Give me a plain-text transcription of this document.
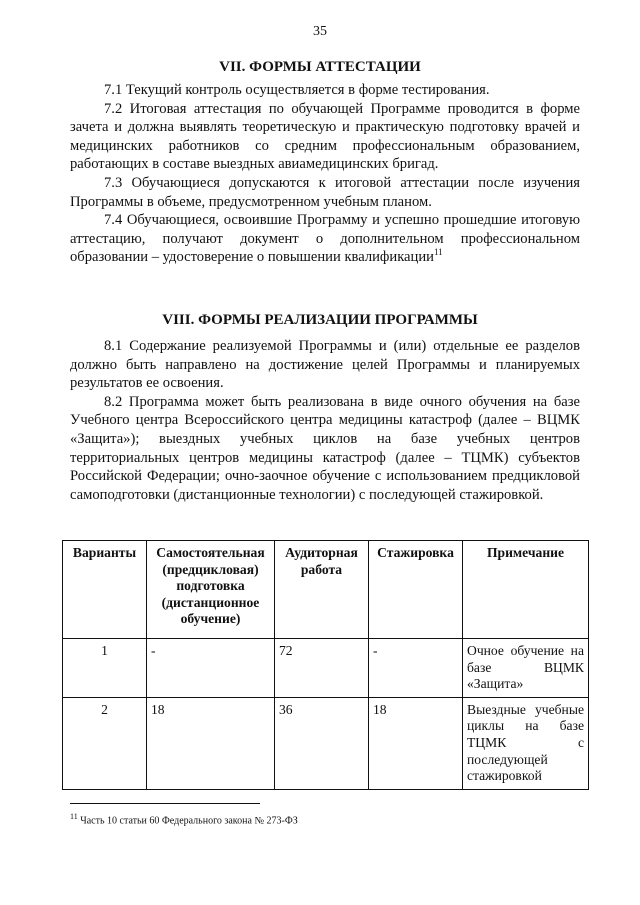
35
VII. ФОРМЫ АТТЕСТАЦИИ

7.1 Текущий контроль осуществляется в форме тестирования.

7.2 Итоговая аттестация по обучающей Программе проводится в форме зачета и должна выявлять теоретическую и практическую подготовку врачей и медицинских работников со средним профессиональным образованием, работающих в составе выездных авиамедицинских бригад.

7.3 Обучающиеся допускаются к итоговой аттестации после изучения Программы в объеме, предусмотренном учебным планом.

7.4 Обучающиеся, освоившие Программу и успешно прошедшие итоговую аттестацию, получают документ о дополнительном профессиональном образовании – удостоверение о повышении квалификации$^{11}$

VIII. ФОРМЫ РЕАЛИЗАЦИИ ПРОГРАММЫ

8.1 Содержание реализуемой Программы и (или) отдельные ее разделов должно быть направлено на достижение целей Программы и планируемых результатов ее освоения.

8.2 Программа может быть реализована в виде очного обучения на базе Учебного центра Всероссийского центра медицины катастроф (далее – ВЦМК «Защита»); выездных учебных циклов на базе учебных центров территориальных центров медицины катастроф (далее – ТЦМК) субъектов Российской Федерации; очно-заочное обучение с использованием предцикловой самоподготовки (дистанционные технологии) с последующей стажировкой.

Варианты	Самостоятельная (предцикловая) подготовка (дистанционное обучение)	Аудиторная работа	Стажировка	Примечание
1	-	72	-	Очное обучение на базе ВЦМК «Защита»
2	18	36	18	Выездные учебные циклы на базе ТЦМК с последующей стажировкой
$^{11}$ Часть 10 статьи 60 Федерального закона № 273-ФЗ
